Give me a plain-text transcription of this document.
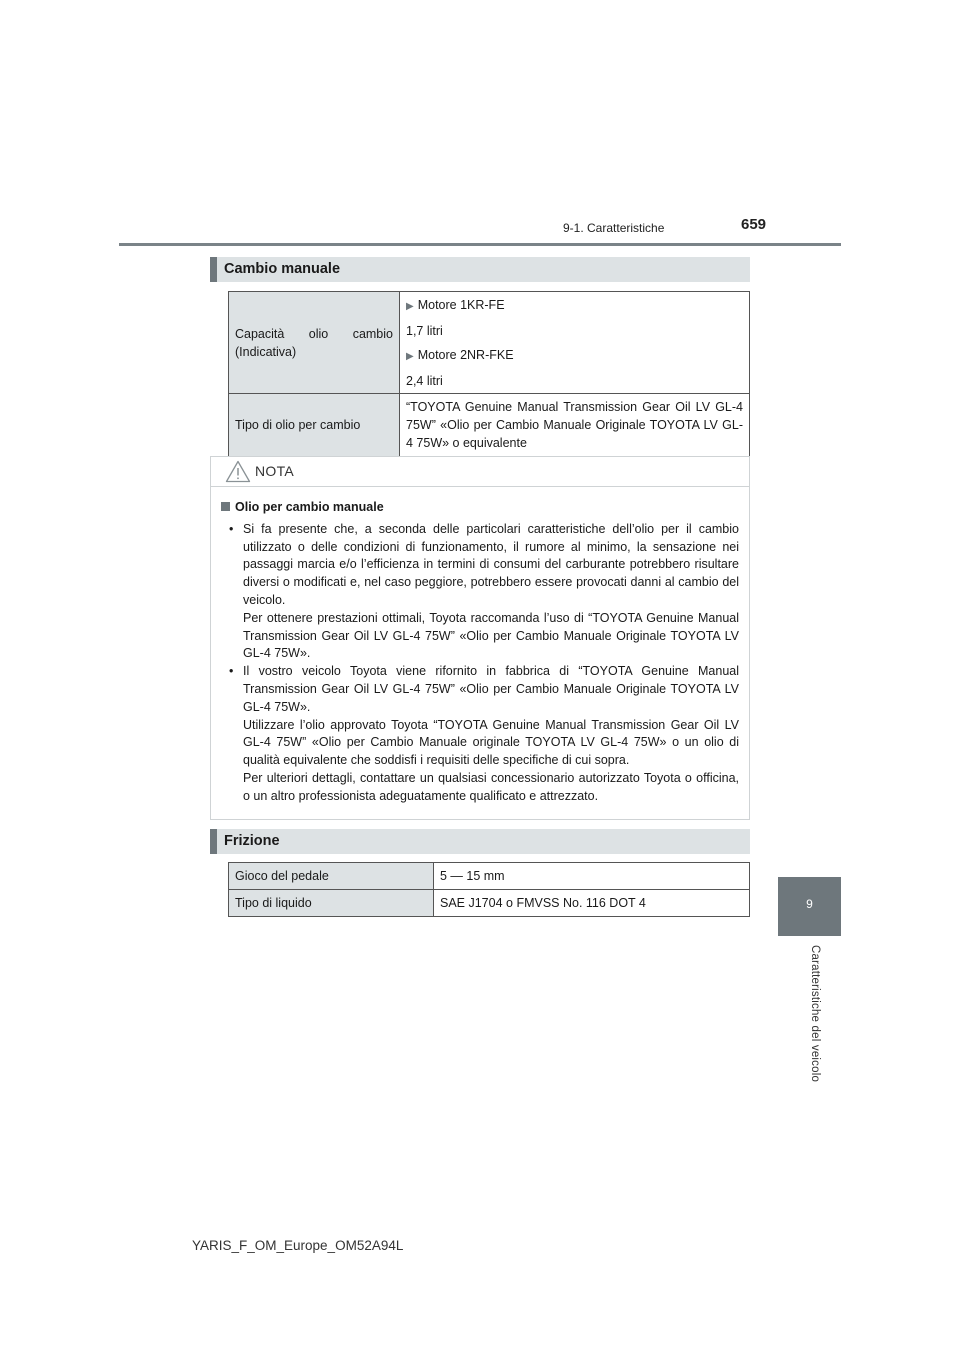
9-1. Caratteristiche	659
9
Caratteristiche del veicolo
Cambio manuale
Capacità olio cambio (Indicativa)	▶ Motore 1KR-FE
1,7 litri
▶ Motore 2NR-FKE
2,4 litri

Tipo di olio per cambio	“TOYOTA Genuine Manual Transmission Gear Oil LV GL-4 75W” «Olio per Cambio Manuale Originale TOYOTA LV GL-4 75W» o equivalente
NOTA
Olio per cambio manuale

• Si fa presente che, a seconda delle particolari caratteristiche dell’olio per il cambio utilizzato o delle condizioni di funzionamento, il rumore al minimo, la sensazione nei passaggi marcia e/o l’efficienza in termini di consumi del carburante potrebbero risultare diversi o modificati e, nel caso peggiore, potrebbero essere provocati danni al cambio del veicolo.

Per ottenere prestazioni ottimali, Toyota raccomanda l’uso di “TOYOTA Genuine Manual Transmission Gear Oil LV GL-4 75W” «Olio per Cambio Manuale Originale TOYOTA LV GL-4 75W».

• Il vostro veicolo Toyota viene rifornito in fabbrica di “TOYOTA Genuine Manual Transmission Gear Oil LV GL-4 75W” «Olio per Cambio Manuale Originale TOYOTA LV GL-4 75W».

Utilizzare l’olio approvato Toyota “TOYOTA Genuine Manual Transmission Gear Oil LV GL-4 75W” «Olio per Cambio Manuale originale TOYOTA LV GL-4 75W» o un olio di qualità equivalente che soddisfi i requisiti delle specifiche di cui sopra.

Per ulteriori dettagli, contattare un qualsiasi concessionario autorizzato Toyota o officina, o un altro professionista adeguatamente qualificato e attrezzato.

Frizione
Gioco del pedale	5 — 15 mm
Tipo di liquido	SAE J1704 o FMVSS No. 116 DOT 4
YARIS_F_OM_Europe_OM52A94L
